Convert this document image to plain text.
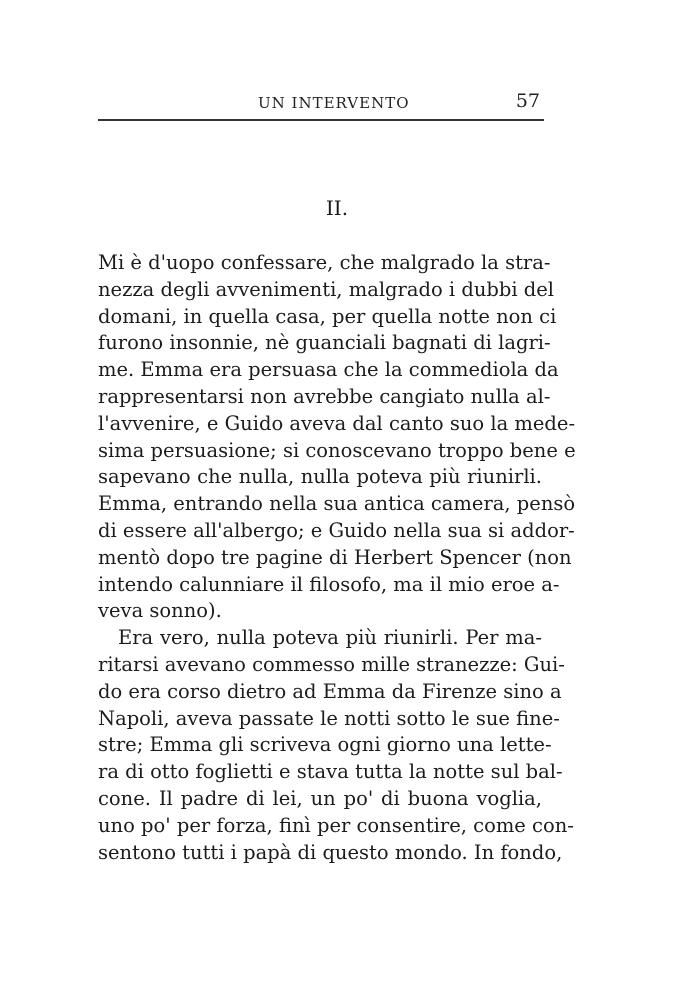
UN INTERVENTO	57
II.
Mi è d'uopo confessare, che malgrado la stra-
nezza degli avvenimenti, malgrado i dubbi del
domani, in quella casa, per quella notte non ci
furono insonnie, nè guanciali bagnati di lagri-
me. Emma era persuasa che la commediola da
rappresentarsi non avrebbe cangiato nulla al-
l'avvenire, e Guido aveva dal canto suo la mede-
sima persuasione; si conoscevano troppo bene e
sapevano che nulla, nulla poteva più riunirli.
Emma, entrando nella sua antica camera, pensò
di essere all'albergo; e Guido nella sua si addor-
mentò dopo tre pagine di Herbert Spencer (non
intendo calunniare il filosofo, ma il mio eroe a-
veva sonno).
Era vero, nulla poteva più riunirli. Per ma-
ritarsi avevano commesso mille stranezze: Gui-
do era corso dietro ad Emma da Firenze sino a
Napoli, aveva passate le notti sotto le sue fine-
stre; Emma gli scriveva ogni giorno una lette-
ra di otto foglietti e stava tutta la notte sul bal-
cone. Il padre di lei, un po' di buona voglia,
uno po' per forza, finì per consentire, come con-
sentono tutti i papà di questo mondo. In fondo,
